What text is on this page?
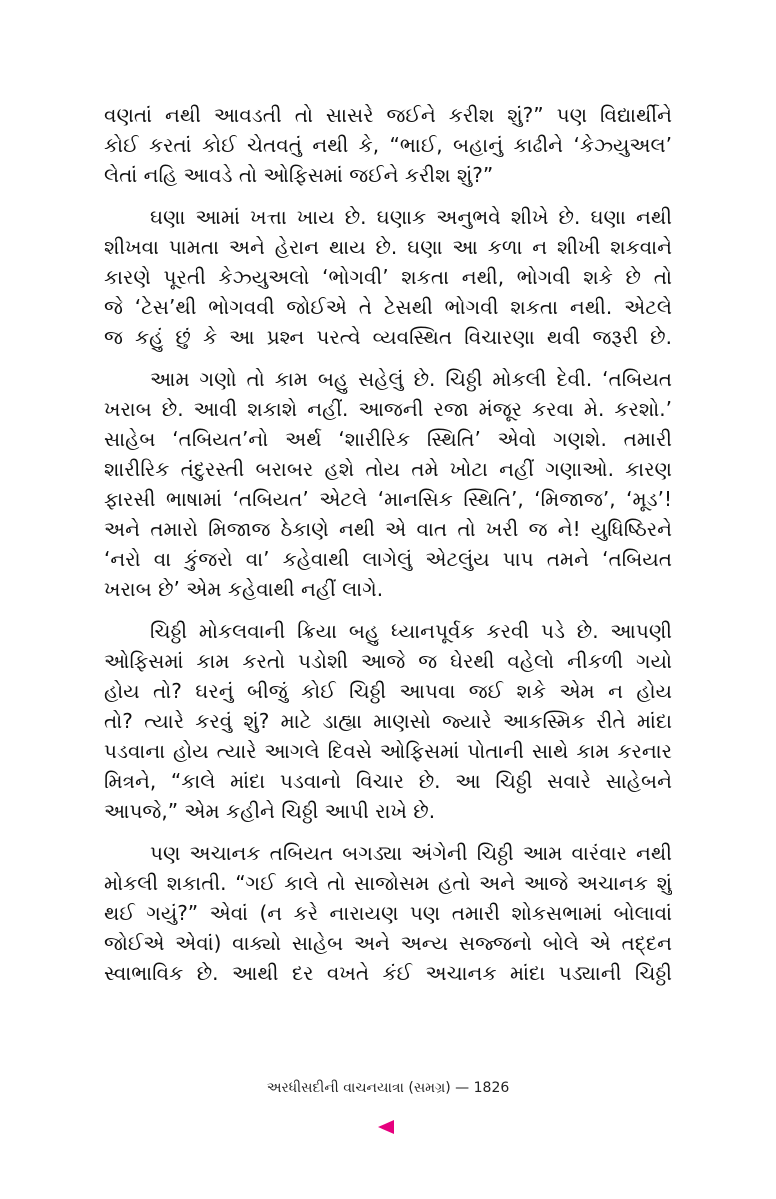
વણતાં નથી આવડતી તો સાસરે જઈને કરીશ શું?” પણ વિદ્યાર્થીને
કોઈ કરતાં કોઈ ચેતવતું નથી કે, “ભાઈ, બહાનું કાઢીને ‘કેઝ્યુઅલ’
લેતાં નહિ આવડે તો ઓફિસમાં જઈને કરીશ શું?”
ઘણા આમાં ખત્તા ખાય છે. ઘણાક અનુભવે શીખે છે. ઘણા નથી
શીખવા પામતા અને હેરાન થાય છે. ઘણા આ કળા ન શીખી શકવાને
કારણે પૂરતી કેઝ્યુઅલો ‘ભોગવી’ શકતા નથી, ભોગવી શકે છે તો
જે ‘ટેસ’થી ભોગવવી જોઈએ તે ટેસથી ભોગવી શકતા નથી. એટલે
જ કહું છું કે આ પ્રશ્ન પરત્વે વ્યવસ્થિત વિચારણા થવી જરૂરી છે.
આમ ગણો તો કામ બહુ સહેલું છે. ચિઠ્ઠી મોકલી દેવી. ‘તબિયત
ખરાબ છે. આવી શકાશે નહીં. આજની રજા મંજૂર કરવા મે. કરશો.’
સાહેબ ‘તબિયત’નો અર્થ ‘શારીરિક સ્થિતિ’ એવો ગણશે. તમારી
શારીરિક તંદુરસ્તી બરાબર હશે તોય તમે ખોટા નહીં ગણાઓ. કારણ
ફારસી ભાષામાં ‘તબિયત’ એટલે ‘માનસિક સ્થિતિ’, ‘મિજાજ’, ‘મૂડ’!
અને તમારો મિજાજ ઠેકાણે નથી એ વાત તો ખરી જ ને! યુધિષ્ઠિરને
‘નરો વા કુંજરો વા’ કહેવાથી લાગેલું એટલુંય પાપ તમને ‘તબિયત
ખરાબ છે’ એમ કહેવાથી નહીં લાગે.
ચિઠ્ઠી મોકલવાની ક્રિયા બહુ ધ્યાનપૂર્વક કરવી પડે છે. આપણી
ઓફિસમાં કામ કરતો પડોશી આજે જ ઘેરથી વહેલો નીકળી ગયો
હોય તો? ઘરનું બીજું કોઈ ચિઠ્ઠી આપવા જઈ શકે એમ ન હોય
તો? ત્યારે કરવું શું? માટે ડાહ્યા માણસો જ્યારે આકસ્મિક રીતે માંદા
પડવાના હોય ત્યારે આગલે દિવસે ઓફિસમાં પોતાની સાથે કામ કરનાર
મિત્રને, “કાલે માંદા પડવાનો વિચાર છે. આ ચિઠ્ઠી સવારે સાહેબને
આપજે,” એમ કહીને ચિઠ્ઠી આપી રાખે છે.
પણ અચાનક તબિયત બગડ્યા અંગેની ચિઠ્ઠી આમ વારંવાર નથી
મોકલી શકાતી. “ગઈ કાલે તો સાજોસમ હતો અને આજે અચાનક શું
થઈ ગયું?” એવાં (ન કરે નારાયણ પણ તમારી શોકસભામાં બોલાવાં
જોઈએ એવાં) વાક્યો સાહેબ અને અન્ય સજ્જનો બોલે એ તદ્દન
સ્વાભાવિક છે. આથી દર વખતે કંઈ અચાનક માંદા પડ્યાની ચિઠ્ઠી
અરધીસદીની વાચનયાત્રા (સમગ્ર) — 1826
